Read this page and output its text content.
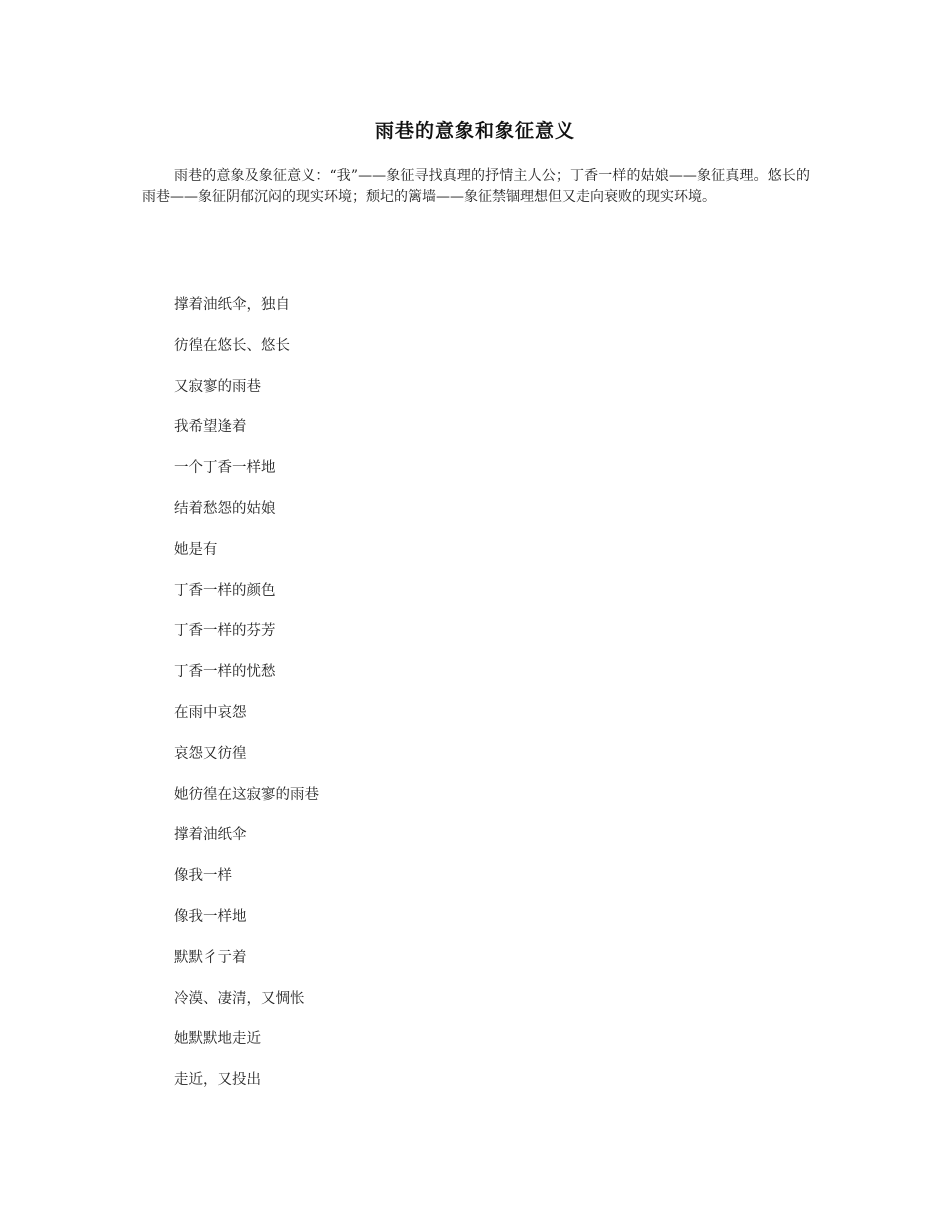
雨巷的意象和象征意义
雨巷的意象及象征意义：“我”——象征寻找真理的抒情主人公；丁香一样的姑娘——象征真理。悠长的雨巷——象征阴郁沉闷的现实环境；颓圮的篱墙——象征禁锢理想但又走向衰败的现实环境。
撑着油纸伞，独自
彷徨在悠长、悠长
又寂寥的雨巷
我希望逢着
一个丁香一样地
结着愁怨的姑娘
她是有
丁香一样的颜色
丁香一样的芬芳
丁香一样的忧愁
在雨中哀怨
哀怨又彷徨
她彷徨在这寂寥的雨巷
撑着油纸伞
像我一样
像我一样地
默默彳亍着
冷漠、凄清，又惆怅
她默默地走近
走近，又投出
